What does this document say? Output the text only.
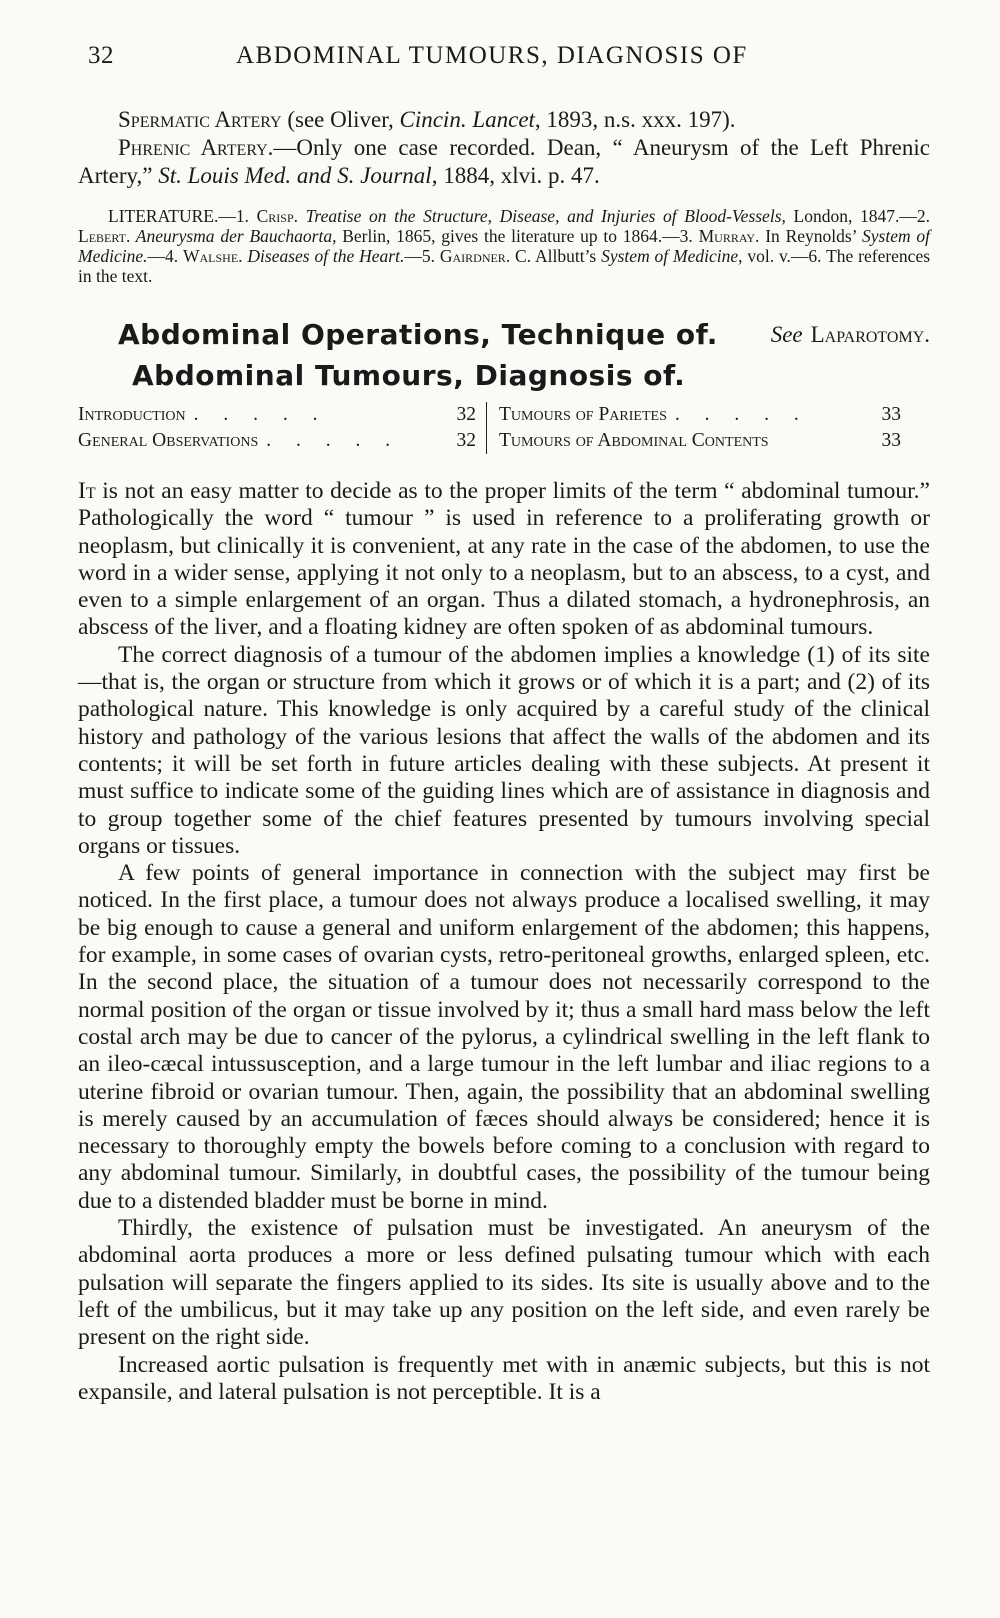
32	ABDOMINAL TUMOURS, DIAGNOSIS OF

Spermatic Artery (see Oliver, Cincin. Lancet, 1893, n.s. xxx. 197).

Phrenic Artery.—Only one case recorded. Dean, “ Aneurysm of the Left Phrenic Artery,” St. Louis Med. and S. Journal, 1884, xlvi. p. 47.

LITERATURE.—1. Crisp. Treatise on the Structure, Disease, and Injuries of Blood-Vessels, London, 1847.—2. Lebert. Aneurysma der Bauchaorta, Berlin, 1865, gives the literature up to 1864.—3. Murray. In Reynolds’ System of Medicine.—4. Walshe. Diseases of the Heart.—5. Gairdner. C. Allbutt’s System of Medicine, vol. v.—6. The references in the text.

See Laparotomy.
Abdominal Operations, Technique of.
Abdominal Tumours, Diagnosis of.
Introduction . . . . .	32
General Observations . . . . .	32
Tumours of Parietes . . . . .	33
Tumours of Abdominal Contents	33

It is not an easy matter to decide as to the proper limits of the term “ abdominal tumour.” Pathologically the word “ tumour ” is used in reference to a proliferating growth or neoplasm, but clinically it is convenient, at any rate in the case of the abdomen, to use the word in a wider sense, applying it not only to a neoplasm, but to an abscess, to a cyst, and even to a simple enlargement of an organ. Thus a dilated stomach, a hydronephrosis, an abscess of the liver, and a floating kidney are often spoken of as abdominal tumours.

The correct diagnosis of a tumour of the abdomen implies a knowledge (1) of its site—that is, the organ or structure from which it grows or of which it is a part; and (2) of its pathological nature. This knowledge is only acquired by a careful study of the clinical history and pathology of the various lesions that affect the walls of the abdomen and its contents; it will be set forth in future articles dealing with these subjects. At present it must suffice to indicate some of the guiding lines which are of assistance in diagnosis and to group together some of the chief features presented by tumours involving special organs or tissues.

A few points of general importance in connection with the subject may first be noticed. In the first place, a tumour does not always produce a localised swelling, it may be big enough to cause a general and uniform enlargement of the abdomen; this happens, for example, in some cases of ovarian cysts, retro-peritoneal growths, enlarged spleen, etc. In the second place, the situation of a tumour does not necessarily correspond to the normal position of the organ or tissue involved by it; thus a small hard mass below the left costal arch may be due to cancer of the pylorus, a cylindrical swelling in the left flank to an ileo-cæcal intussusception, and a large tumour in the left lumbar and iliac regions to a uterine fibroid or ovarian tumour. Then, again, the possibility that an abdominal swelling is merely caused by an accumulation of fæces should always be considered; hence it is necessary to thoroughly empty the bowels before coming to a conclusion with regard to any abdominal tumour. Similarly, in doubtful cases, the possibility of the tumour being due to a distended bladder must be borne in mind.

Thirdly, the existence of pulsation must be investigated. An aneurysm of the abdominal aorta produces a more or less defined pulsating tumour which with each pulsation will separate the fingers applied to its sides. Its site is usually above and to the left of the umbilicus, but it may take up any position on the left side, and even rarely be present on the right side.

Increased aortic pulsation is frequently met with in anæmic subjects, but this is not expansile, and lateral pulsation is not perceptible. It is a
